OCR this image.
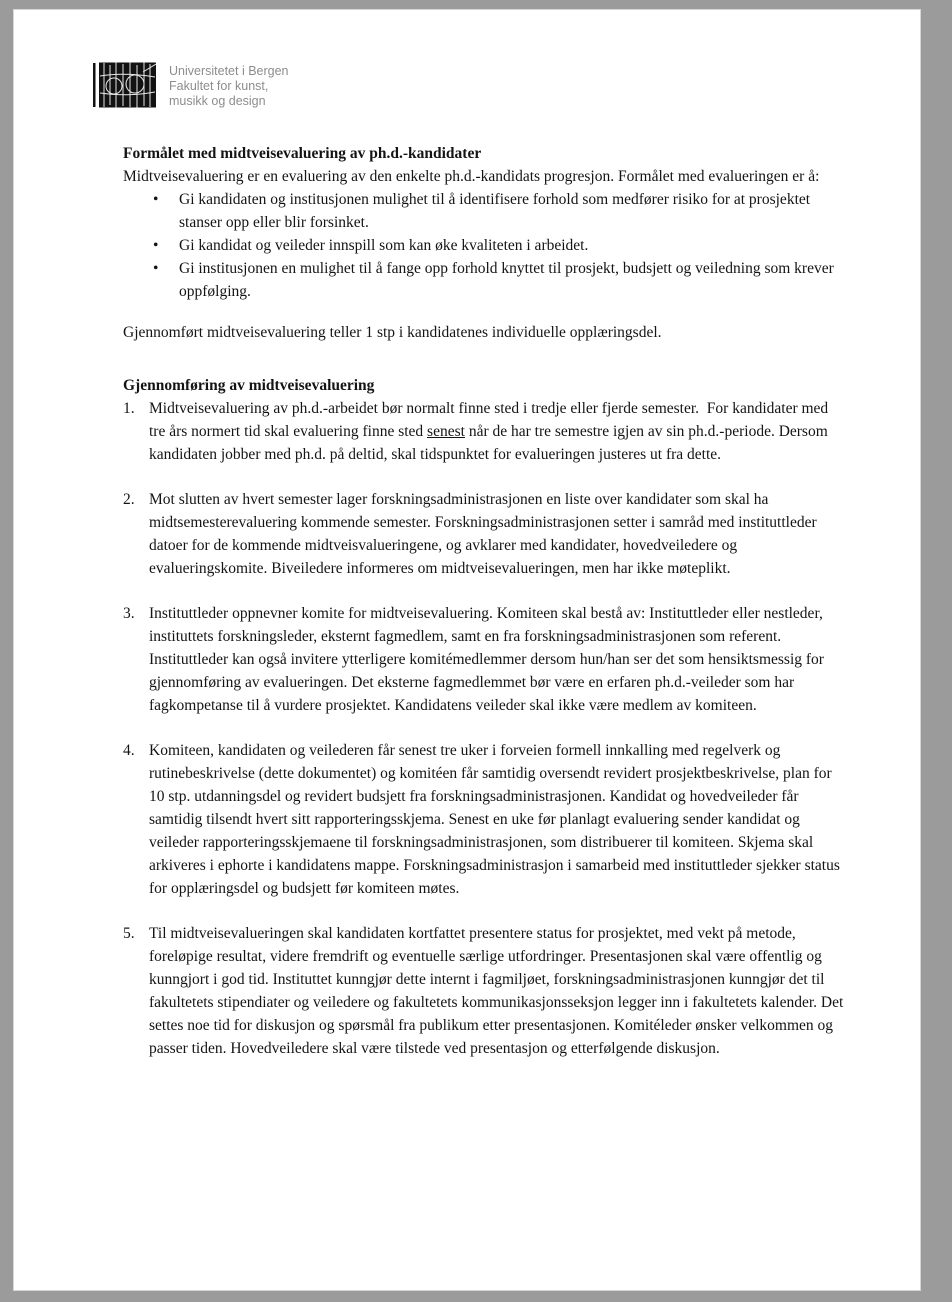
Universitetet i Bergen
Fakultet for kunst,
musikk og design
Formålet med midtveisevaluering av ph.d.-kandidater

Midtveisevaluering er en evaluering av den enkelte ph.d.-kandidats progresjon. Formålet med evalueringen er å:

•	Gi kandidaten og institusjonen mulighet til å identifisere forhold som medfører risiko for at prosjektet stanser opp eller blir forsinket.
•	Gi kandidat og veileder innspill som kan øke kvaliteten i arbeidet.
•	Gi institusjonen en mulighet til å fange opp forhold knyttet til prosjekt, budsjett og veiledning som krever oppfølging.

Gjennomført midtveisevaluering teller 1 stp i kandidatenes individuelle opplæringsdel.

Gjennomføring av midtveisevaluering
1. Midtveisevaluering av ph.d.-arbeidet bør normalt finne sted i tredje eller fjerde semester.  For kandidater med tre års normert tid skal evaluering finne sted senest når de har tre semestre igjen av sin ph.d.-periode. Dersom kandidaten jobber med ph.d. på deltid, skal tidspunktet for evalueringen justeres ut fra dette.
2. Mot slutten av hvert semester lager forskningsadministrasjonen en liste over kandidater som skal ha midtsemesterevaluering kommende semester. Forskningsadministrasjonen setter i samråd med instituttleder datoer for de kommende midtveisvalueringene, og avklarer med kandidater, hovedveiledere og evalueringskomite. Biveiledere informeres om midtveisevalueringen, men har ikke møteplikt.
3. Instituttleder oppnevner komite for midtveisevaluering. Komiteen skal bestå av: Instituttleder eller nestleder, instituttets forskningsleder, eksternt fagmedlem, samt en fra forskningsadministrasjonen som referent. Instituttleder kan også invitere ytterligere komitémedlemmer dersom hun/han ser det som hensiktsmessig for gjennomføring av evalueringen. Det eksterne fagmedlemmet bør være en erfaren ph.d.-veileder som har fagkompetanse til å vurdere prosjektet. Kandidatens veileder skal ikke være medlem av komiteen.
4. Komiteen, kandidaten og veilederen får senest tre uker i forveien formell innkalling med regelverk og rutinebeskrivelse (dette dokumentet) og komitéen får samtidig oversendt revidert prosjektbeskrivelse, plan for 10 stp. utdanningsdel og revidert budsjett fra forskningsadministrasjonen. Kandidat og hovedveileder får samtidig tilsendt hvert sitt rapporteringsskjema. Senest en uke før planlagt evaluering sender kandidat og veileder rapporteringsskjemaene til forskningsadministrasjonen, som distribuerer til komiteen. Skjema skal arkiveres i ephorte i kandidatens mappe. Forskningsadministrasjon i samarbeid med instituttleder sjekker status for opplæringsdel og budsjett før komiteen møtes.
5. Til midtveisevalueringen skal kandidaten kortfattet presentere status for prosjektet, med vekt på metode, foreløpige resultat, videre fremdrift og eventuelle særlige utfordringer. Presentasjonen skal være offentlig og kunngjort i god tid. Instituttet kunngjør dette internt i fagmiljøet, forskningsadministrasjonen kunngjør det til fakultetets stipendiater og veiledere og fakultetets kommunikasjonsseksjon legger inn i fakultetets kalender. Det settes noe tid for diskusjon og spørsmål fra publikum etter presentasjonen. Komitéleder ønsker velkommen og passer tiden. Hovedveiledere skal være tilstede ved presentasjon og etterfølgende diskusjon.
